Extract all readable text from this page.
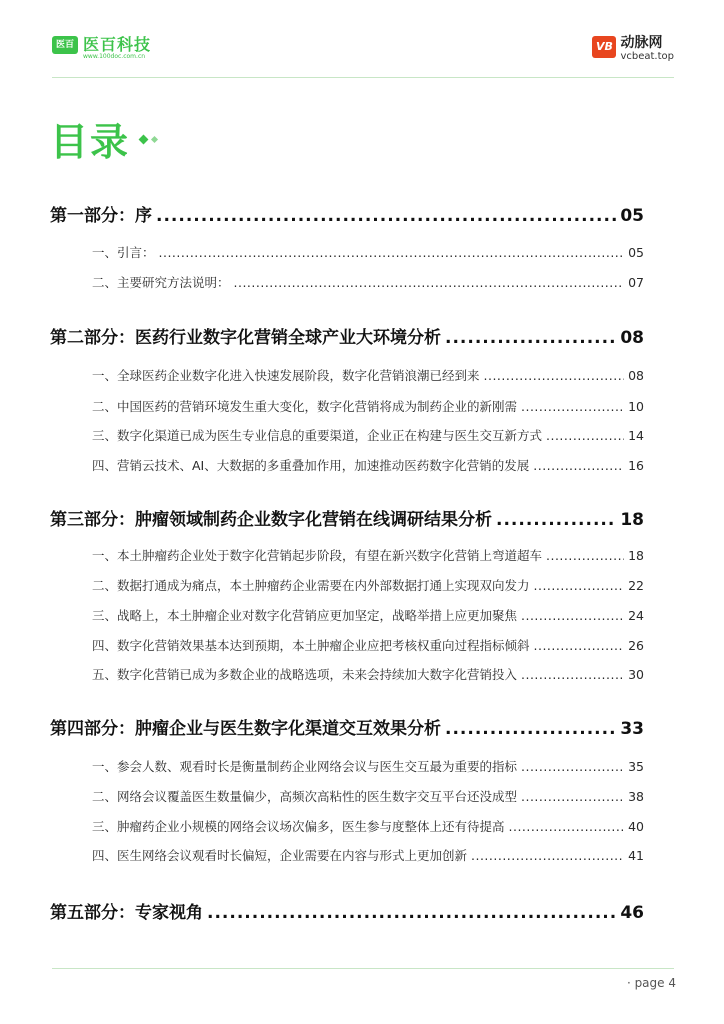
医百 医百科技
www.100doc.com.cn
VB 动脉网
vcbeat.top
目录
第一部分：序 .....	05
一、引言： .....	05
二、主要研究方法说明： .....	07
第二部分：医药行业数字化营销全球产业大环境分析 .....	08
一、全球医药企业数字化进入快速发展阶段，数字化营销浪潮已经到来 .....	08
二、中国医药的营销环境发生重大变化，数字化营销将成为制药企业的新刚需 .....	10
三、数字化渠道已成为医生专业信息的重要渠道，企业正在构建与医生交互新方式 .....	14
四、营销云技术、AI、大数据的多重叠加作用，加速推动医药数字化营销的发展 .....	16
第三部分：肿瘤领域制药企业数字化营销在线调研结果分析 .....	18
一、本土肿瘤药企业处于数字化营销起步阶段，有望在新兴数字化营销上弯道超车 .....	18
二、数据打通成为痛点，本土肿瘤药企业需要在内外部数据打通上实现双向发力 .....	22
三、战略上，本土肿瘤企业对数字化营销应更加坚定，战略举措上应更加聚焦 .....	24
四、数字化营销效果基本达到预期，本土肿瘤企业应把考核权重向过程指标倾斜 .....	26
五、数字化营销已成为多数企业的战略选项，未来会持续加大数字化营销投入 .....	30
第四部分：肿瘤企业与医生数字化渠道交互效果分析 .....	33
一、参会人数、观看时长是衡量制药企业网络会议与医生交互最为重要的指标 .....	35
二、网络会议覆盖医生数量偏少，高频次高粘性的医生数字交互平台还没成型 .....	38
三、肿瘤药企业小规模的网络会议场次偏多，医生参与度整体上还有待提高 .....	40
四、医生网络会议观看时长偏短，企业需要在内容与形式上更加创新 .....	41
第五部分：专家视角 .....	46
· page 4
